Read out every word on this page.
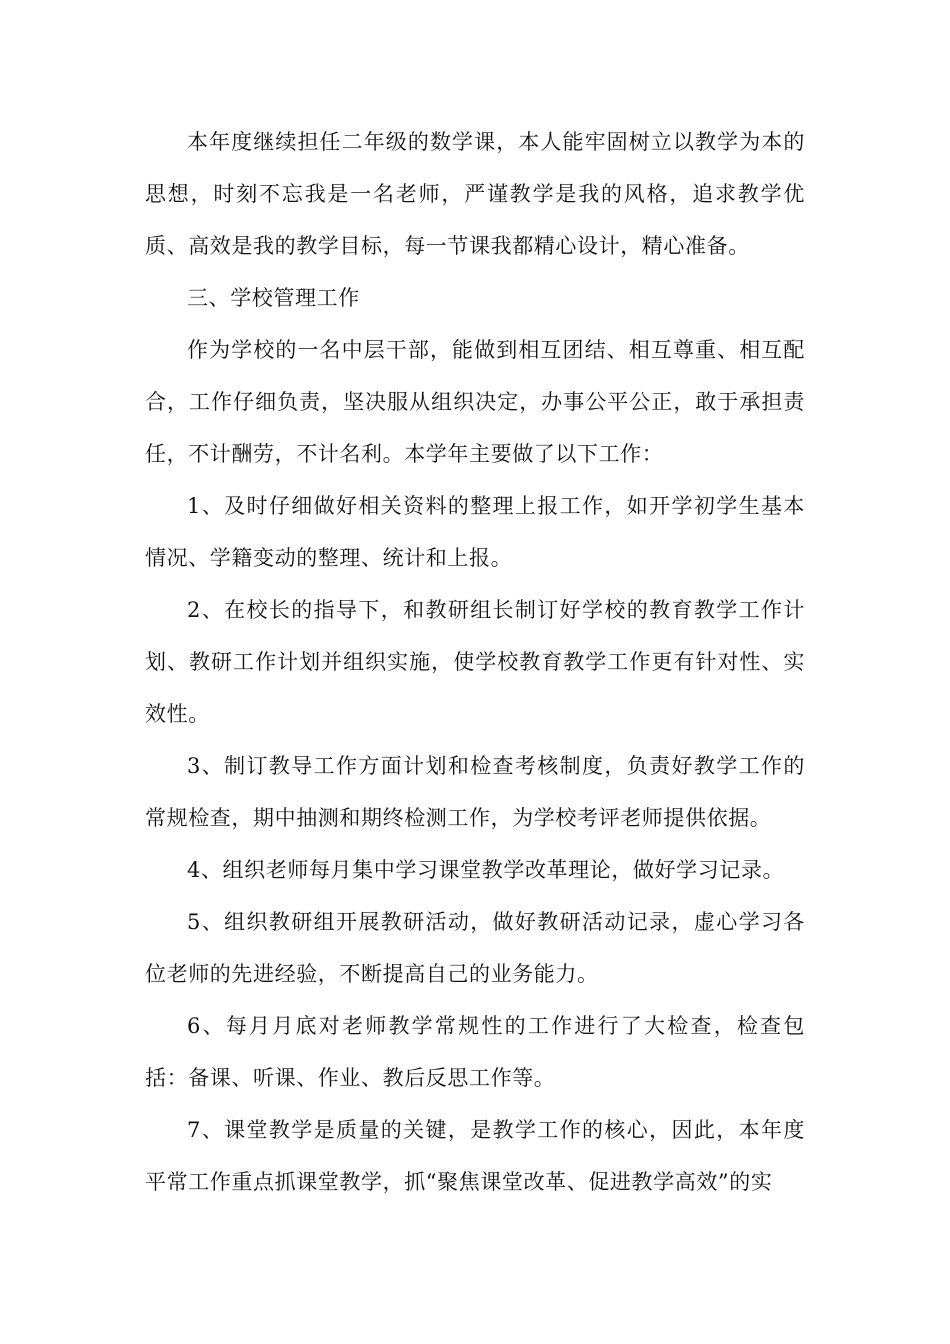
本年度继续担任二年级的数学课，本人能牢固树立以教学为本的思想，时刻不忘我是一名老师，严谨教学是我的风格，追求教学优质、高效是我的教学目标，每一节课我都精心设计，精心准备。

三、学校管理工作

作为学校的一名中层干部，能做到相互团结、相互尊重、相互配合，工作仔细负责，坚决服从组织决定，办事公平公正，敢于承担责任，不计酬劳，不计名利。本学年主要做了以下工作：

1、及时仔细做好相关资料的整理上报工作，如开学初学生基本情况、学籍变动的整理、统计和上报。

2、在校长的指导下，和教研组长制订好学校的教育教学工作计划、教研工作计划并组织实施，使学校教育教学工作更有针对性、实效性。

3、制订教导工作方面计划和检查考核制度，负责好教学工作的常规检查，期中抽测和期终检测工作，为学校考评老师提供依据。

4、组织老师每月集中学习课堂教学改革理论，做好学习记录。

5、组织教研组开展教研活动，做好教研活动记录，虚心学习各位老师的先进经验，不断提高自己的业务能力。

6、每月月底对老师教学常规性的工作进行了大检查，检查包括：备课、听课、作业、教后反思工作等。

7、课堂教学是质量的关键，是教学工作的核心，因此，本年度平常工作重点抓课堂教学，抓“聚焦课堂改革、促进教学高效”的实
